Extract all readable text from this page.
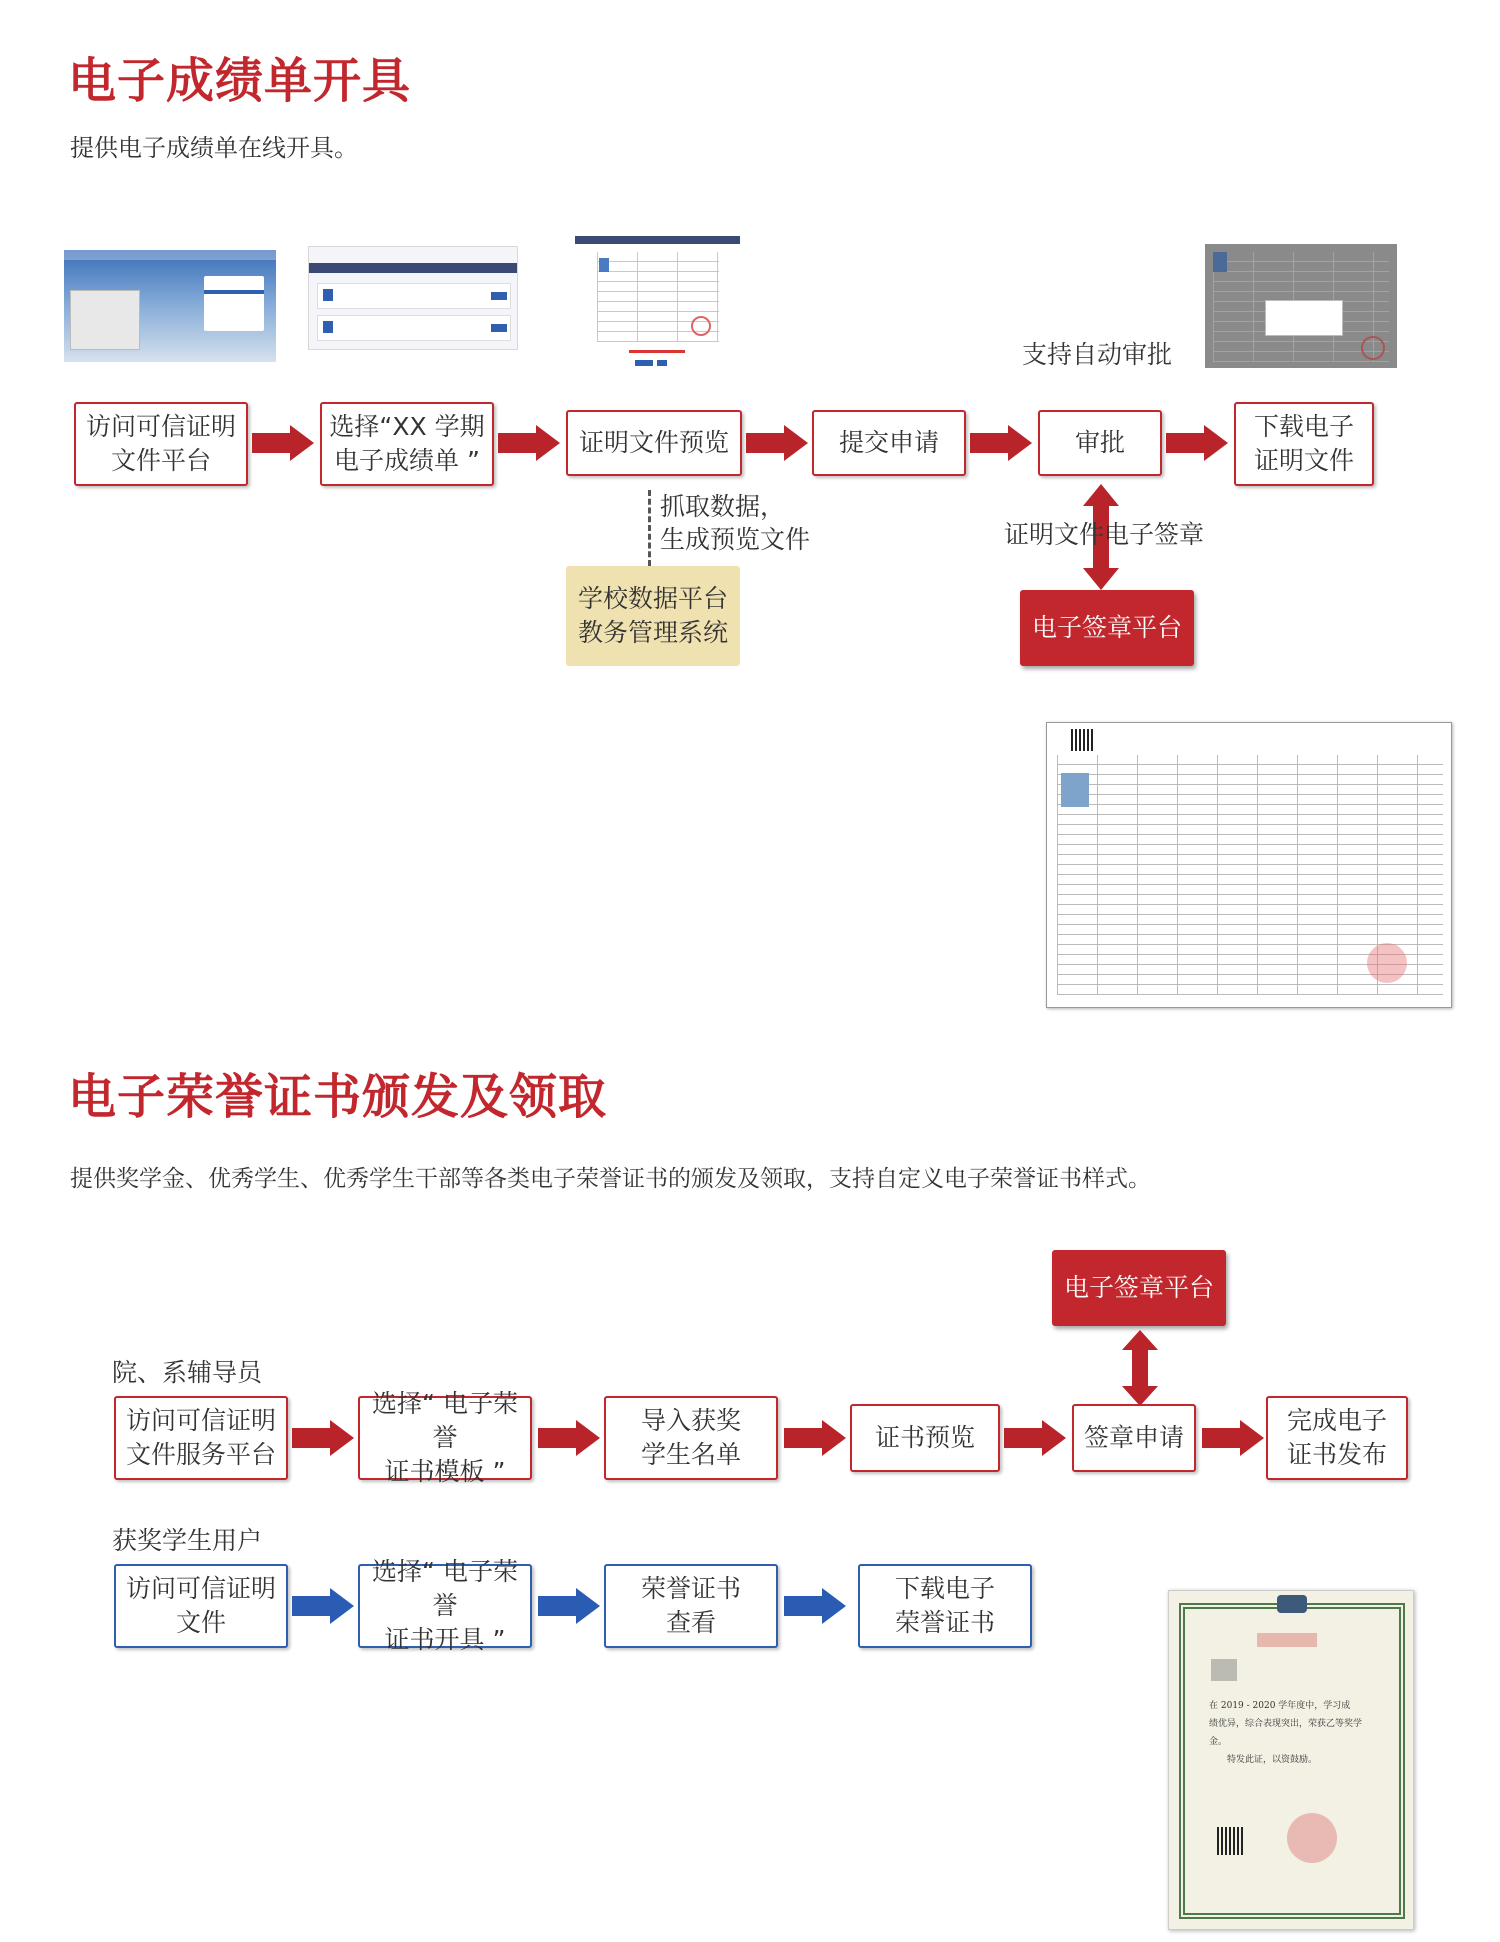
电子成绩单开具
提供电子成绩单在线开具。
支持自动审批
访问可信证明
文件平台
选择“XX 学期
电子成绩单 ”
证明文件预览	提交申请	审批
下载电子
证明文件
抓取数据，
生成预览文件
学校数据平台
教务管理系统
证明文件电子签章
电子签章平台
电子荣誉证书颁发及领取
提供奖学金、优秀学生、优秀学生干部等各类电子荣誉证书的颁发及领取，支持自定义电子荣誉证书样式。
电子签章平台
院、系辅导员
访问可信证明
文件服务平台
选择“ 电子荣誉
证书模板 ”
导入获奖
学生名单
证书预览	签章申请
完成电子
证书发布
获奖学生用户
访问可信证明
文件
选择“ 电子荣誉
证书开具 ”
荣誉证书
查看
下载电子
荣誉证书
在 2019 - 2020 学年度中，学习成
绩优异，综合表现突出，荣获乙等奖学
金。
特发此证，以资鼓励。
